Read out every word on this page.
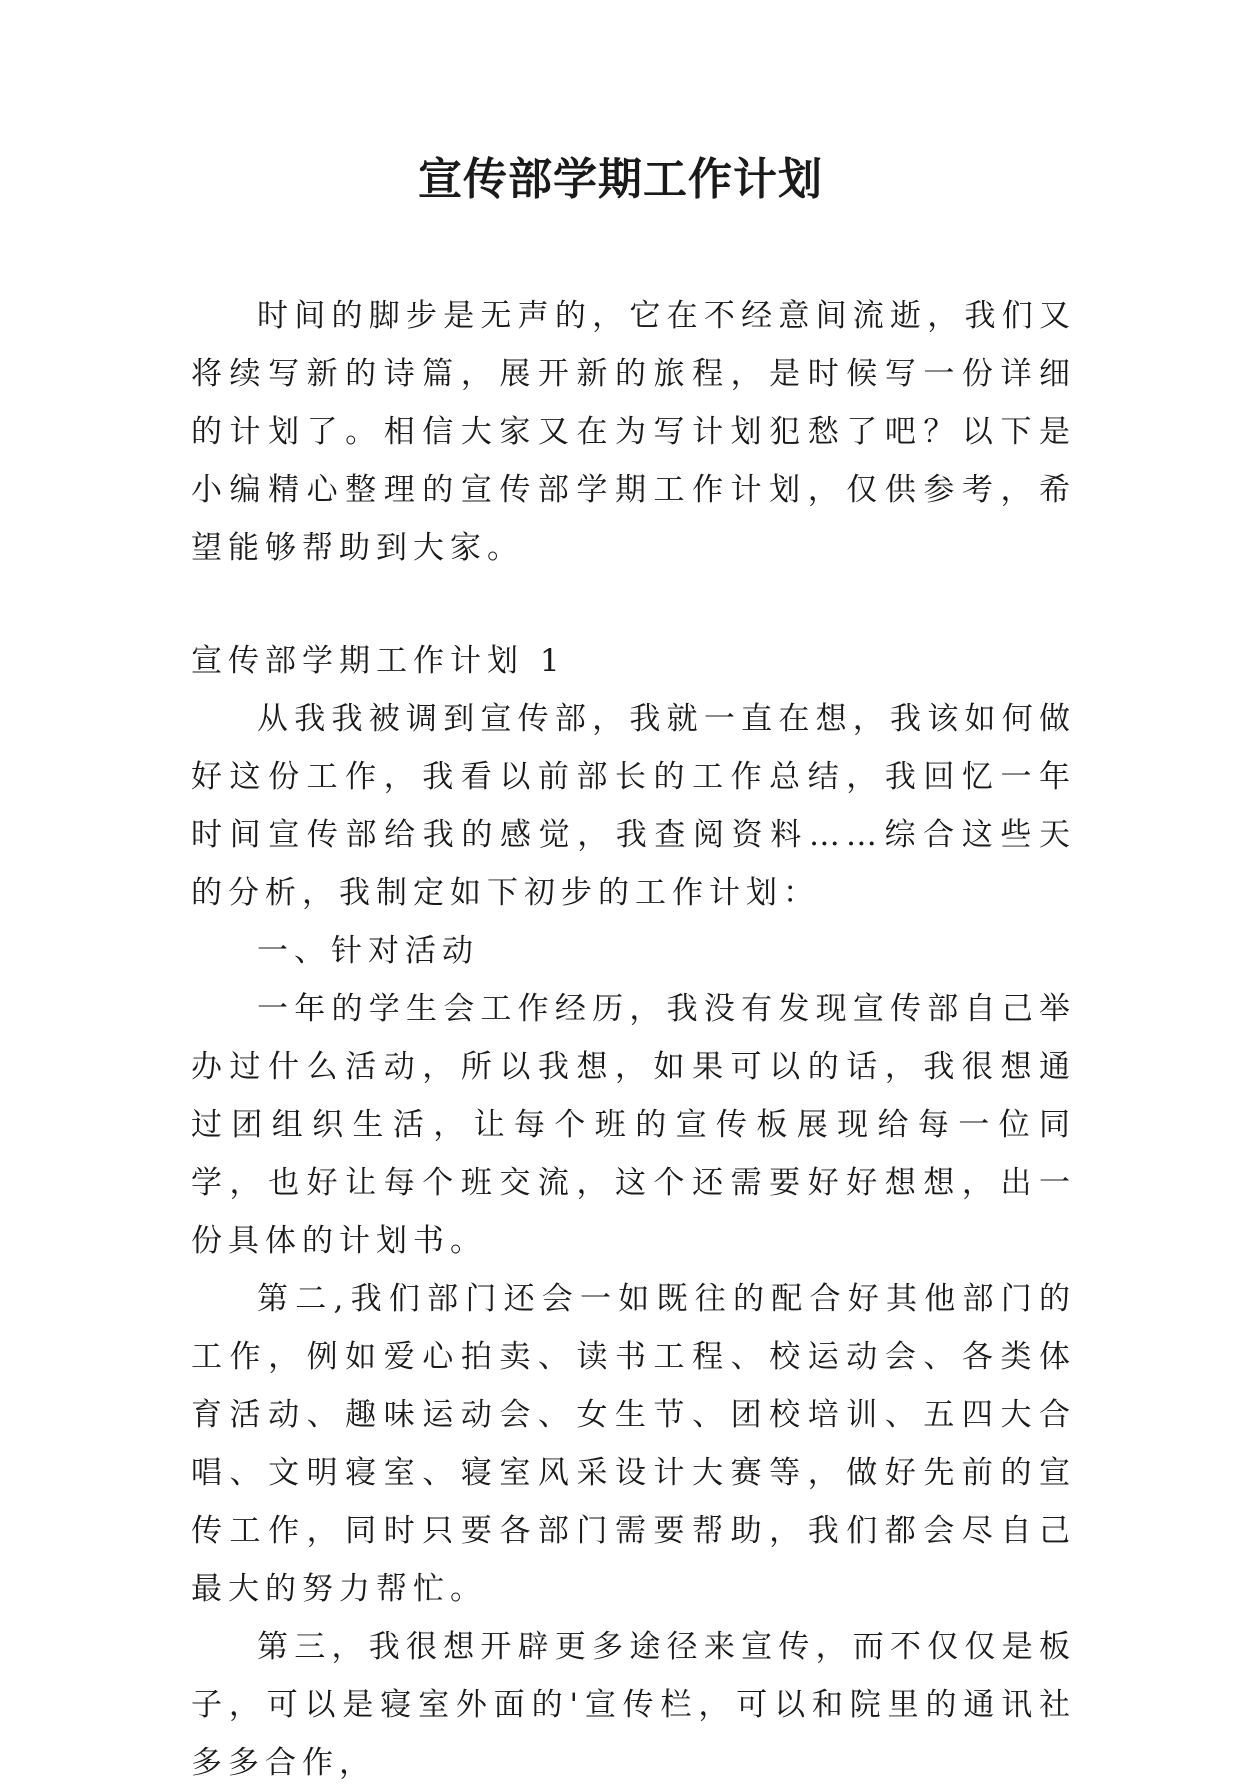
宣传部学期工作计划

时间的脚步是无声的，它在不经意间流逝，我们又将续写新的诗篇，展开新的旅程，是时候写一份详细的计划了。相信大家又在为写计划犯愁了吧？以下是小编精心整理的宣传部学期工作计划，仅供参考，希望能够帮助到大家。

宣传部学期工作计划 1

从我我被调到宣传部，我就一直在想，我该如何做好这份工作，我看以前部长的工作总结，我回忆一年时间宣传部给我的感觉，我查阅资料……综合这些天的分析，我制定如下初步的工作计划：

一、针对活动

一年的学生会工作经历，我没有发现宣传部自己举办过什么活动，所以我想，如果可以的话，我很想通过团组织生活，让每个班的宣传板展现给每一位同学，也好让每个班交流，这个还需要好好想想，出一份具体的计划书。

第二,我们部门还会一如既往的配合好其他部门的工作，例如爱心拍卖、读书工程、校运动会、各类体育活动、趣味运动会、女生节、团校培训、五四大合唱、文明寝室、寝室风采设计大赛等，做好先前的宣传工作，同时只要各部门需要帮助，我们都会尽自己最大的努力帮忙。

第三，我很想开辟更多途径来宣传，而不仅仅是板子，可以是寝室外面的'宣传栏，可以和院里的通讯社多多合作，
